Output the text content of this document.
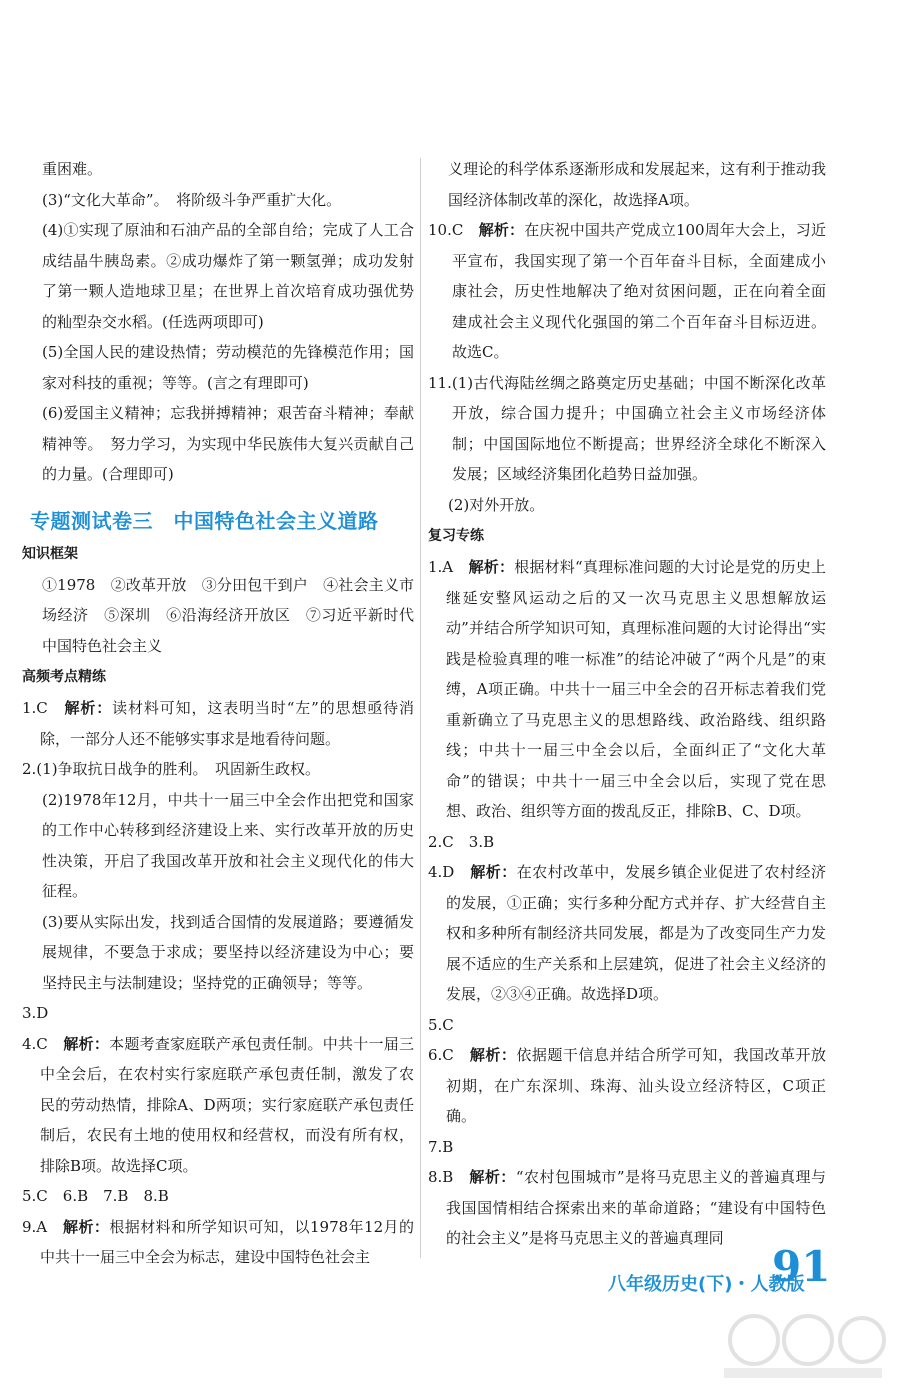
重困难。

(3)“文化大革命”。　将阶级斗争严重扩大化。

(4)①实现了原油和石油产品的全部自给；完成了人工合成结晶牛胰岛素。②成功爆炸了第一颗氢弹；成功发射了第一颗人造地球卫星；在世界上首次培育成功强优势的籼型杂交水稻。(任选两项即可)

(5)全国人民的建设热情；劳动模范的先锋模范作用；国家对科技的重视；等等。(言之有理即可)

(6)爱国主义精神；忘我拼搏精神；艰苦奋斗精神；奉献精神等。　努力学习，为实现中华民族伟大复兴贡献自己的力量。(合理即可)

专题测试卷三　中国特色社会主义道路
知识框架

①1978　②改革开放　③分田包干到户　④社会主义市场经济　⑤深圳　⑥沿海经济开放区　⑦习近平新时代中国特色社会主义

高频考点精练

1.C　解析：读材料可知，这表明当时“左”的思想亟待消除，一部分人还不能够实事求是地看待问题。

2.(1)争取抗日战争的胜利。　巩固新生政权。

(2)1978年12月，中共十一届三中全会作出把党和国家的工作中心转移到经济建设上来、实行改革开放的历史性决策，开启了我国改革开放和社会主义现代化的伟大征程。

(3)要从实际出发，找到适合国情的发展道路；要遵循发展规律，不要急于求成；要坚持以经济建设为中心；要坚持民主与法制建设；坚持党的正确领导；等等。

3.D

4.C　解析：本题考查家庭联产承包责任制。中共十一届三中全会后，在农村实行家庭联产承包责任制，激发了农民的劳动热情，排除A、D两项；实行家庭联产承包责任制后，农民有土地的使用权和经营权，而没有所有权，排除B项。故选择C项。

5.C　6.B　7.B　8.B

9.A　解析：根据材料和所学知识可知，以1978年12月的中共十一届三中全会为标志，建设中国特色社会主

义理论的科学体系逐渐形成和发展起来，这有利于推动我国经济体制改革的深化，故选择A项。

10.C　解析：在庆祝中国共产党成立100周年大会上，习近平宣布，我国实现了第一个百年奋斗目标，全面建成小康社会，历史性地解决了绝对贫困问题，正在向着全面建成社会主义现代化强国的第二个百年奋斗目标迈进。故选C。

11.(1)古代海陆丝绸之路奠定历史基础；中国不断深化改革开放，综合国力提升；中国确立社会主义市场经济体制；中国国际地位不断提高；世界经济全球化不断深入发展；区域经济集团化趋势日益加强。

(2)对外开放。

复习专练

1.A　解析：根据材料“真理标准问题的大讨论是党的历史上继延安整风运动之后的又一次马克思主义思想解放运动”并结合所学知识可知，真理标准问题的大讨论得出“实践是检验真理的唯一标准”的结论冲破了“两个凡是”的束缚，A项正确。中共十一届三中全会的召开标志着我们党重新确立了马克思主义的思想路线、政治路线、组织路线；中共十一届三中全会以后，全面纠正了“文化大革命”的错误；中共十一届三中全会以后，实现了党在思想、政治、组织等方面的拨乱反正，排除B、C、D项。

2.C　3.B

4.D　解析：在农村改革中，发展乡镇企业促进了农村经济的发展，①正确；实行多种分配方式并存、扩大经营自主权和多种所有制经济共同发展，都是为了改变同生产力发展不适应的生产关系和上层建筑，促进了社会主义经济的发展，②③④正确。故选择D项。

5.C

6.C　解析：依据题干信息并结合所学可知，我国改革开放初期，在广东深圳、珠海、汕头设立经济特区，C项正确。

7.B

8.B　解析：“农村包围城市”是将马克思主义的普遍真理与我国国情相结合探索出来的革命道路；“建设有中国特色的社会主义”是将马克思主义的普遍真理同

八年级历史(下)・人教版
91
